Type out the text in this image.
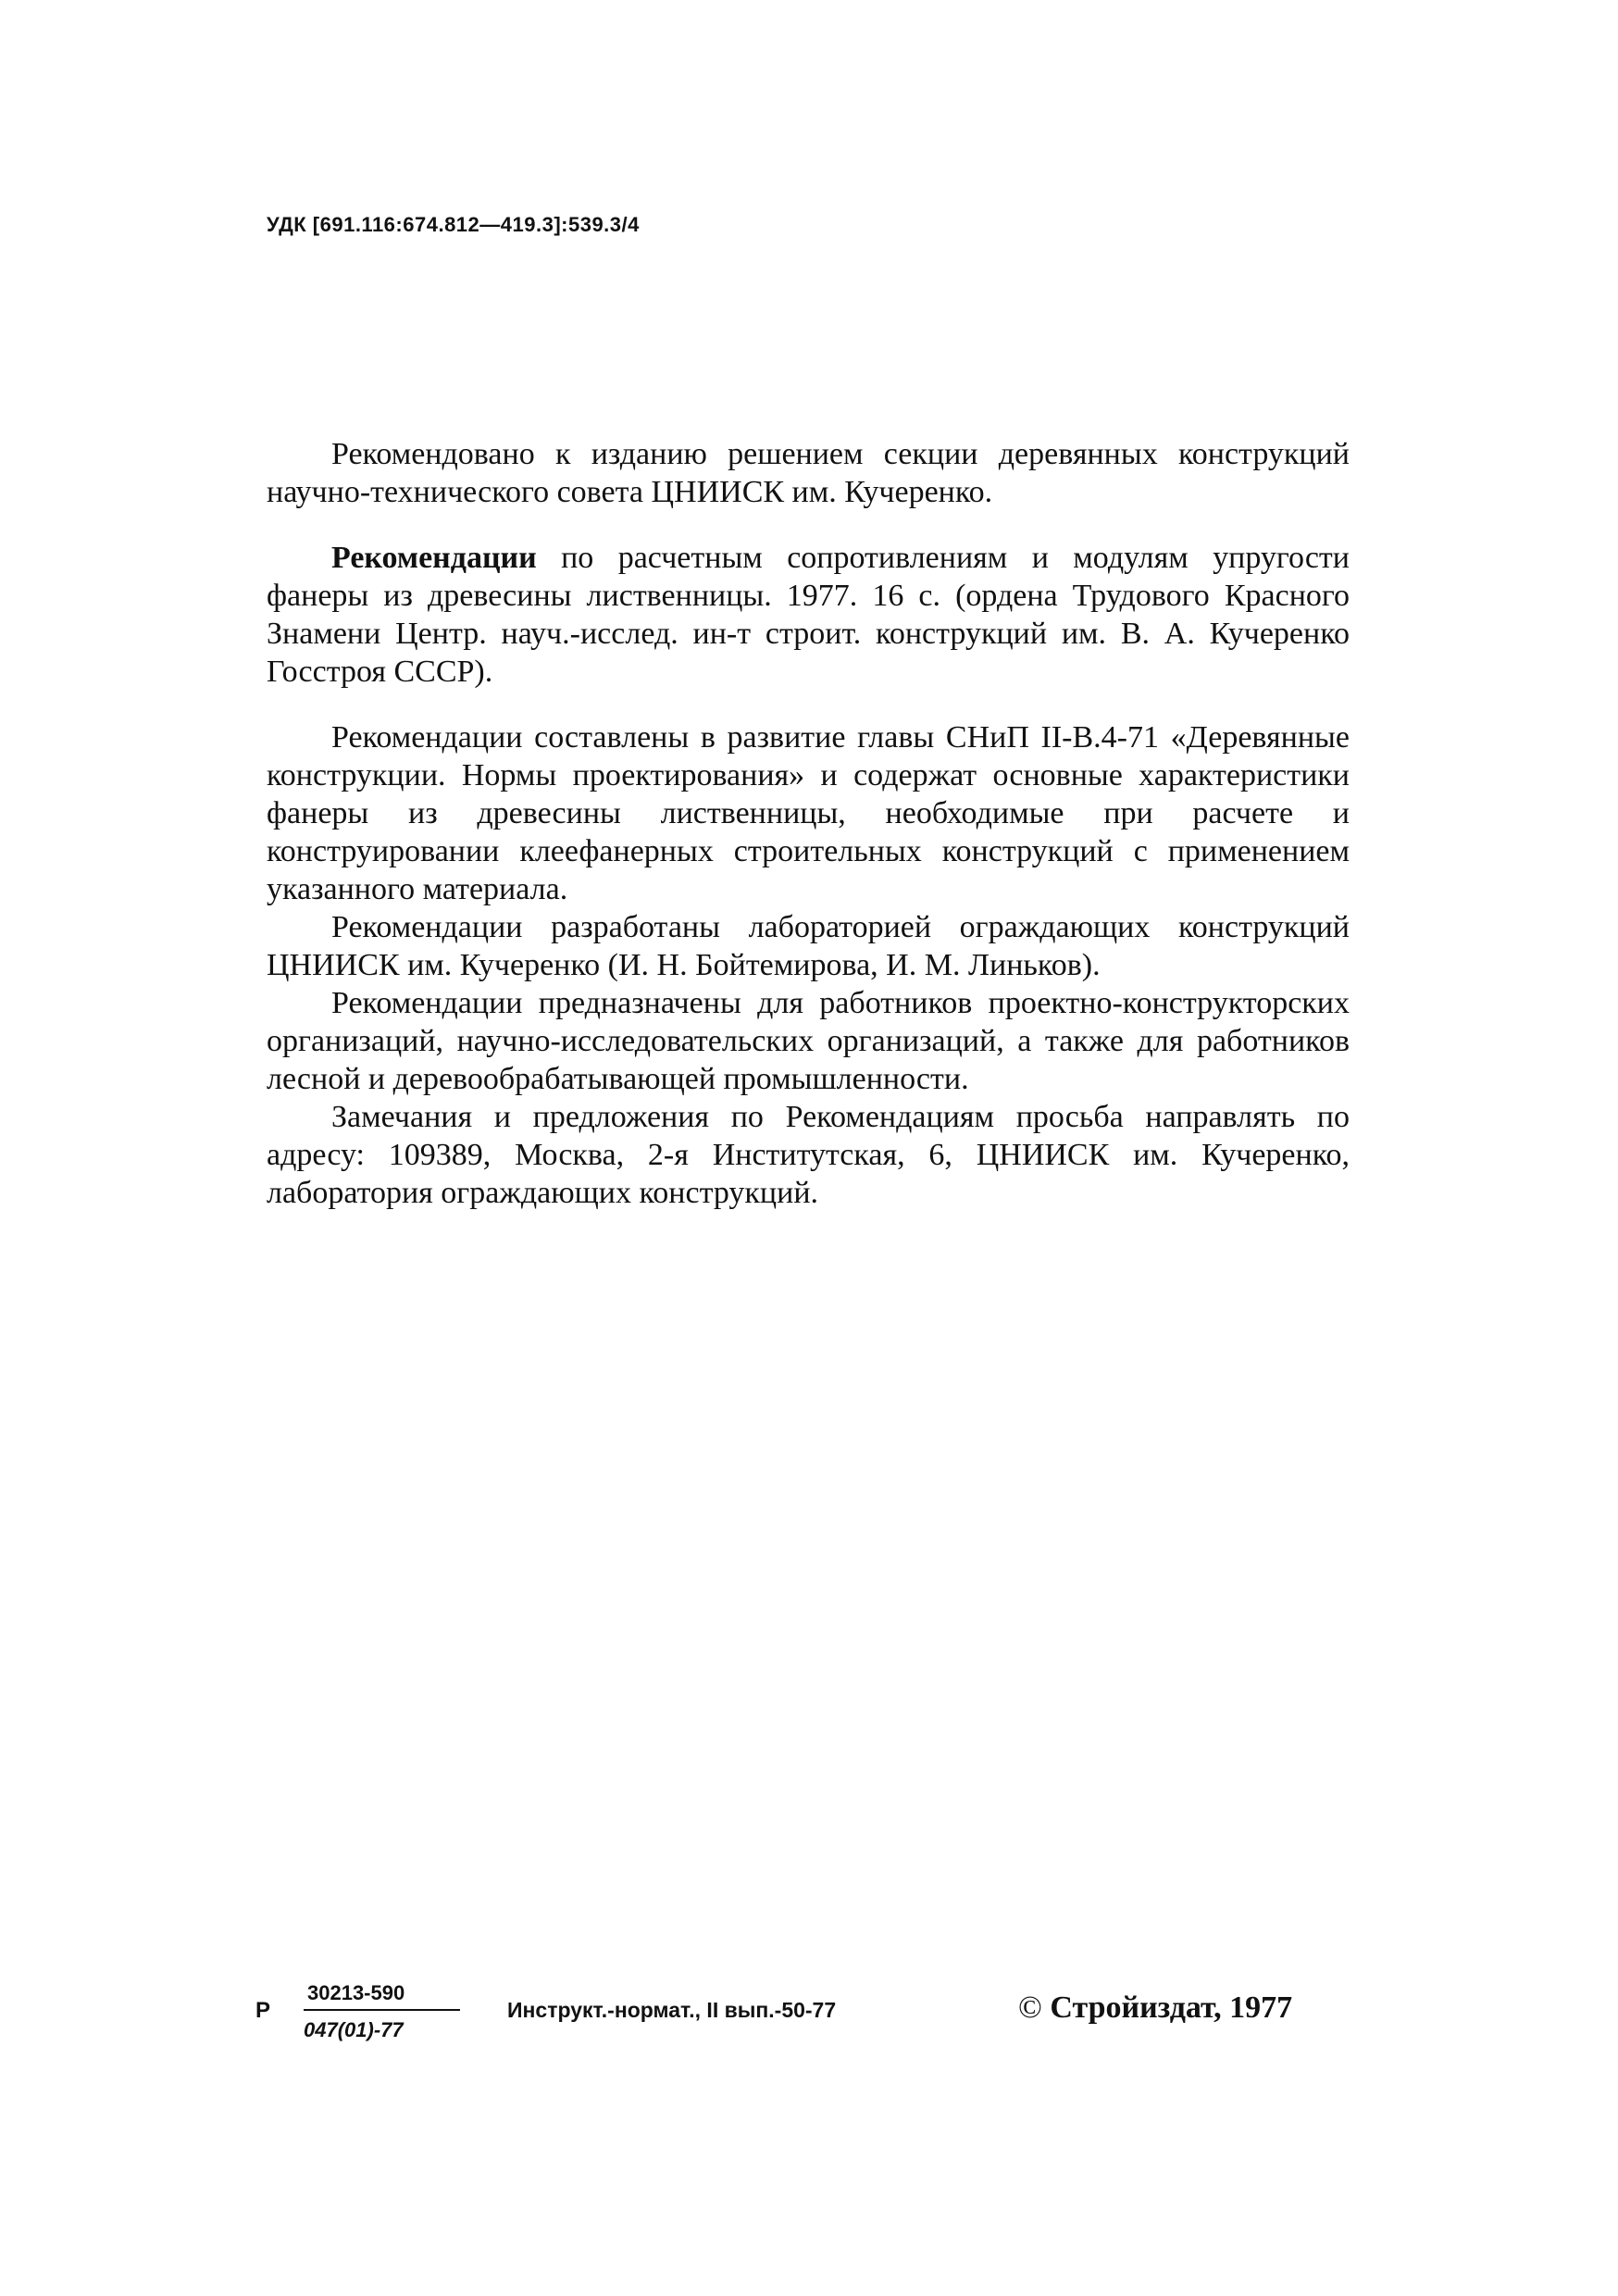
УДК [691.116:674.812—419.3]:539.3/4

Рекомендовано к изданию решением секции деревянных конструкций научно-технического совета ЦНИИСК им. Кучеренко.

Рекомендации по расчетным сопротивлениям и модулям упругости фанеры из древесины лиственницы. 1977. 16 с. (ордена Трудового Красного Знамени Центр. науч.-исслед. ин-т строит. конструкций им. В. А. Кучеренко Госстроя СССР).

Рекомендации составлены в развитие главы СНиП II-В.4-71 «Деревянные конструкции. Нормы проектирования» и содержат основные характеристики фанеры из древесины лиственницы, необходимые при расчете и конструировании клеефанерных строительных конструкций с применением указанного материала.

Рекомендации разработаны лабораторией ограждающих конструкций ЦНИИСК им. Кучеренко (И. Н. Бойтемирова, И. М. Линьков).

Рекомендации предназначены для работников проектно-конструкторских организаций, научно-исследовательских организаций, а также для работников лесной и деревообрабатывающей промышленности.

Замечания и предложения по Рекомендациям просьба направлять по адресу: 109389, Москва, 2-я Институтская, 6, ЦНИИСК им. Кучеренко, лаборатория ограждающих конструкций.

Р $\frac{30213-590}{047(01)-77}$ Инструкт.-нормат., II вып.-50-77	© Стройиздат, 1977
